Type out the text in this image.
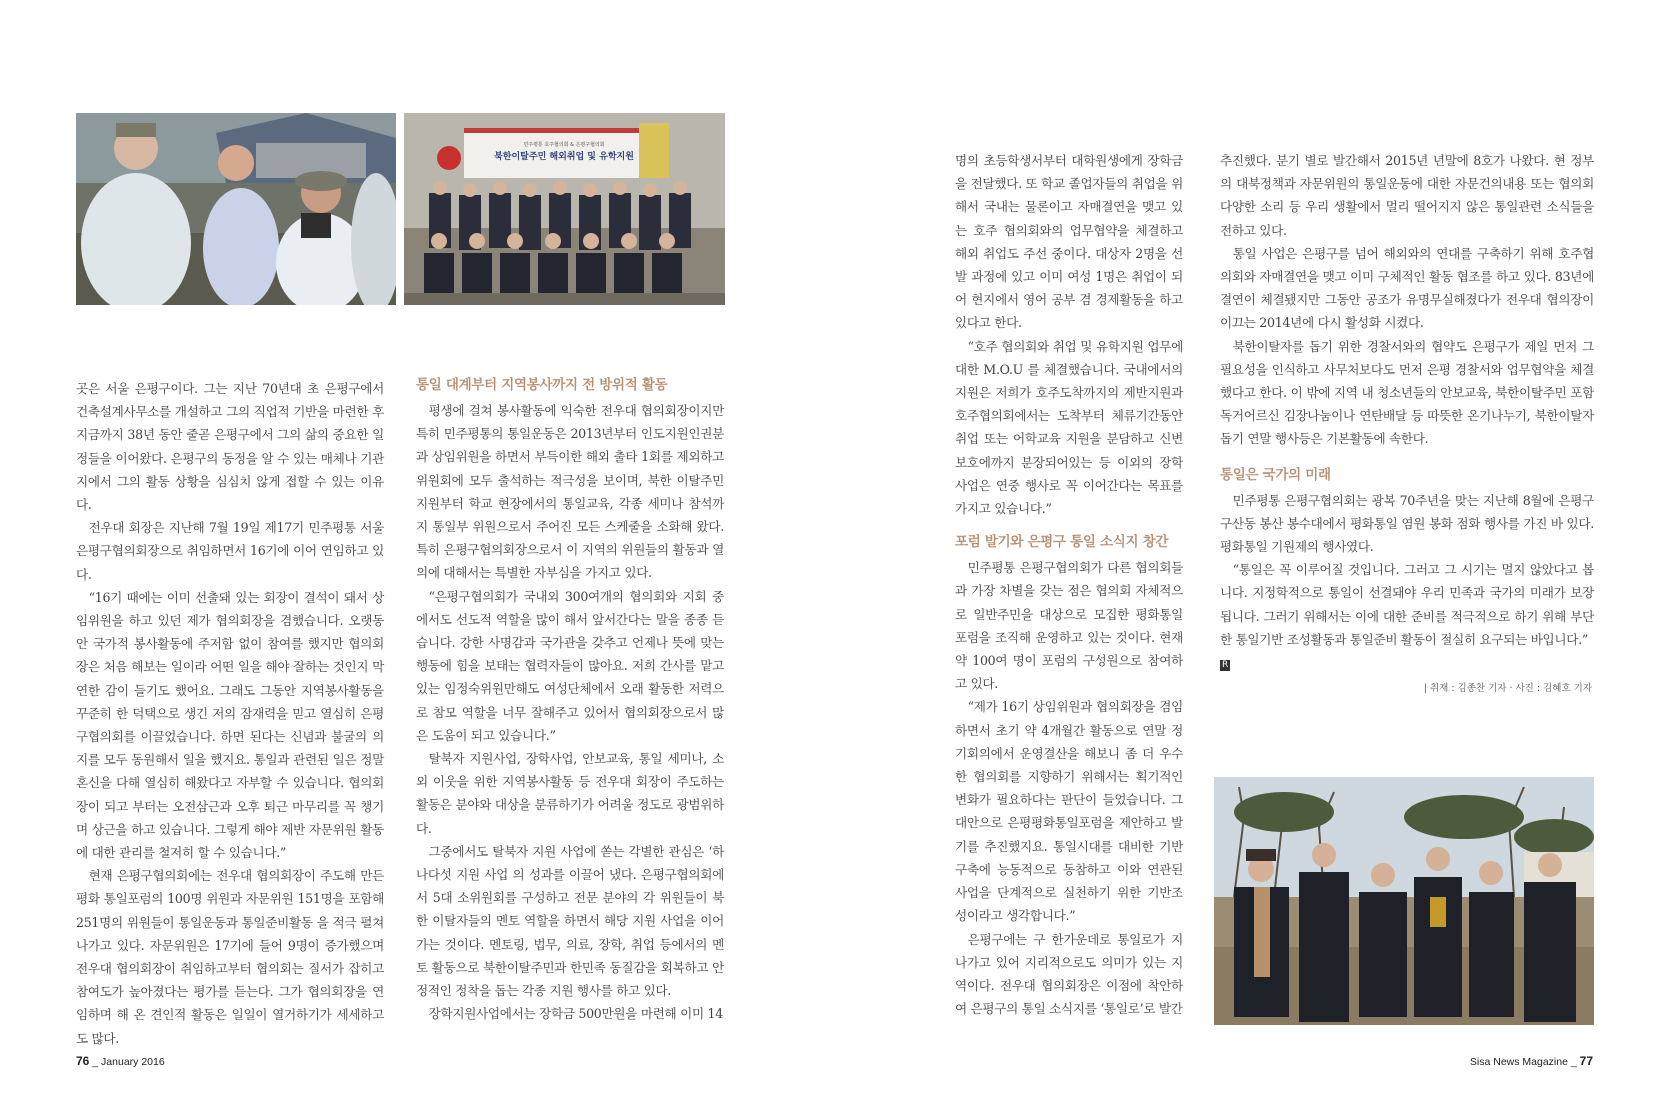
민주평통 호주협의회 & 은평구협의회
북한이탈주민 해외취업 및 유학지원

곳은 서울 은평구이다. 그는 지난 70년대 초 은평구에서 건축설계사무소를 개설하고 그의 직업적 기반을 마련한 후 지금까지 38년 동안 줄곧 은평구에서 그의 삶의 중요한 일정들을 이어왔다. 은평구의 동정을 알 수 있는 매체나 기관지에서 그의 활동 상황을 심심치 않게 접할 수 있는 이유다.

전우대 회장은 지난해 7월 19일 제17기 민주평통 서울은평구협의회장으로 취임하면서 16기에 이어 연임하고 있다.

“16기 때에는 이미 선출돼 있는 회장이 결석이 돼서 상임위원을 하고 있던 제가 협의회장을 겸했습니다. 오랫동안 국가적 봉사활동에 주저함 없이 참여를 했지만 협의회장은 처음 해보는 일이라 어떤 일을 해야 잘하는 것인지 막연한 감이 들기도 했어요. 그래도 그동안 지역봉사활동을 꾸준히 한 덕택으로 생긴 저의 잠재력을 믿고 열심히 은평구협의회를 이끌었습니다. 하면 된다는 신념과 불굴의 의지를 모두 동원해서 일을 했지요. 통일과 관련된 일은 정말 혼신을 다해 열심히 해왔다고 자부할 수 있습니다. 협의회장이 되고 부터는 오전삼근과 오후 퇴근 마무리를 꼭 챙기며 상근을 하고 있습니다. 그렇게 해야 제반 자문위원 활동에 대한 관리를 철저히 할 수 있습니다.”

현재 은평구협의회에는 전우대 협의회장이 주도해 만든 평화 통일포럼의 100명 위원과 자문위원 151명을 포함해 251명의 위원들이 통일운동과 통일준비활동 을 적극 펼쳐 나가고 있다. 자문위원은 17기에 들어 9명이 증가했으며 전우대 협의회장이 취임하고부터 협의회는 질서가 잡히고 참여도가 높아졌다는 평가를 듣는다. 그가 협의회장을 연임하며 해 온 견인적 활동은 일일이 열거하기가 세세하고도 많다.

통일 대계부터 지역봉사까지 전 방위적 활동

평생에 걸쳐 봉사활동에 익숙한 전우대 협의회장이지만 특히 민주평통의 통일운동은 2013년부터 인도지원인권분과 상임위원을 하면서 부득이한 해외 출타 1회를 제외하고 위원회에 모두 출석하는 적극성을 보이며, 북한 이탈주민 지원부터 학교 현장에서의 통일교육, 각종 세미나 참석까지 통일부 위원으로서 주어진 모든 스케줄을 소화해 왔다. 특히 은평구협의회장으로서 이 지역의 위원들의 활동과 열의에 대해서는 특별한 자부심을 가지고 있다.

“은평구협의회가 국내외 300여개의 협의회와 지회 중에서도 선도적 역할을 많이 해서 앞서간다는 말을 종종 듣습니다. 강한 사명감과 국가관을 갖추고 언제나 뜻에 맞는 행동에 힘을 보태는 협력자들이 많아요. 저희 간사를 맡고 있는 임정숙위원만해도 여성단체에서 오래 활동한 저력으로 참모 역할을 너무 잘해주고 있어서 협의회장으로서 많은 도움이 되고 있습니다.”

탈북자 지원사업, 장학사업, 안보교육, 통일 세미나, 소외 이웃을 위한 지역봉사활동 등 전우대 회장이 주도하는 활동은 분야와 대상을 분류하기가 어려울 정도로 광범위하다.

그중에서도 탈북자 지원 사업에 쏟는 각별한 관심은 ‘하나다섯 지원 사업 의 성과를 이끌어 냈다. 은평구협의회에서 5대 소위원회를 구성하고 전문 분야의 각 위원들이 북한 이탈자들의 멘토 역할을 하면서 해당 지원 사업을 이어가는 것이다. 멘토링, 법무, 의료, 장학, 취업 등에서의 멘토 활동으로 북한이탈주민과 한민족 동질감을 회복하고 안정적인 정착을 돕는 각종 지원 행사를 하고 있다.

장학지원사업에서는 장학금 500만원을 마련해 이미 14

명의 초등학생서부터 대학원생에게 장학금을 전달했다. 또 학교 졸업자들의 취업을 위해서 국내는 물론이고 자매결연을 맺고 있는 호주 협의회와의 업무협약을 체결하고 해외 취업도 주선 중이다. 대상자 2명을 선발 과정에 있고 이미 여성 1명은 취업이 되어 현지에서 영어 공부 겸 경제활동을 하고 있다고 한다.

“호주 협의회와 취업 및 유학지원 업무에 대한 M.O.U 를 체결했습니다. 국내에서의 지원은 저희가 호주도착까지의 제반지원과 호주협의회에서는 도착부터 체류기간동안 취업 또는 어학교육 지원을 분담하고 신변보호에까지 분장되어있는 등 이외의 장학사업은 연중 행사로 꼭 이어간다는 목표를 가지고 있습니다.”

포럼 발기와 은평구 통일 소식지 창간

민주평통 은평구협의회가 다른 협의회들과 가장 차별을 갖는 점은 협의회 자체적으로 일반주민을 대상으로 모집한 평화통일포럼을 조직해 운영하고 있는 것이다. 현재 약 100여 명이 포럼의 구성원으로 참여하고 있다.

“제가 16기 상임위원과 협의회장을 겸임하면서 초기 약 4개월간 활동으로 연말 정기회의에서 운영결산을 해보니 좀 더 우수한 협의회를 지향하기 위해서는 획기적인 변화가 필요하다는 판단이 들었습니다. 그 대안으로 은평평화통일포럼을 제안하고 발기를 추진했지요. 통일시대를 대비한 기반구축에 능동적으로 동참하고 이와 연관된 사업을 단계적으로 실천하기 위한 기반조성이라고 생각합니다.”

은평구에는 구 한가운데로 통일로가 지나가고 있어 지리적으로도 의미가 있는 지역이다. 전우대 협의회장은 이점에 착안하여 은평구의 통일 소식지를 ‘통일로’로 발간

추진했다. 분기 별로 발간해서 2015년 년말에 8호가 나왔다. 현 정부의 대북정책과 자문위원의 통일운동에 대한 자문건의내용 또는 협의회 다양한 소리 등 우리 생활에서 멀리 떨어지지 않은 통일관련 소식들을 전하고 있다.

통일 사업은 은평구를 넘어 해외와의 연대를 구축하기 위해 호주협의회와 자매결연을 맺고 이미 구체적인 활동 협조를 하고 있다. 83년에 결연이 체결됐지만 그동안 공조가 유명무실해졌다가 전우대 협의장이 이끄는 2014년에 다시 활성화 시켰다.

북한이탈자를 돕기 위한 경찰서와의 협약도 은평구가 제일 먼저 그 필요성을 인식하고 사무처보다도 먼저 은평 경찰서와 업무협약을 체결했다고 한다. 이 밖에 지역 내 청소년들의 안보교육, 북한이탈주민 포함 독거어르신 김장나눔이나 연탄배달 등 따뜻한 온기나누기, 북한이탈자 돕기 연말 행사등은 기본활동에 속한다.

통일은 국가의 미래

민주평통 은평구협의회는 광복 70주년을 맞는 지난해 8월에 은평구 구산동 봉산 봉수대에서 평화통일 염원 봉화 점화 행사를 가진 바 있다. 평화통일 기원제의 행사였다.

“통일은 꼭 이루어질 것입니다. 그러고 그 시기는 멀지 않았다고 봅니다. 지정학적으로 통일이 선결돼야 우리 민족과 국가의 미래가 보장 됩니다. 그러기 위해서는 이에 대한 준비를 적극적으로 하기 위해 부단한 통일기반 조성활동과 통일준비 활동이 절실히 요구되는 바입니다.”

R
| 취재 : 김종찬 기자 · 사진 : 김혜호 기자
76 _ January 2016	Sisa News Magazine _ 77
